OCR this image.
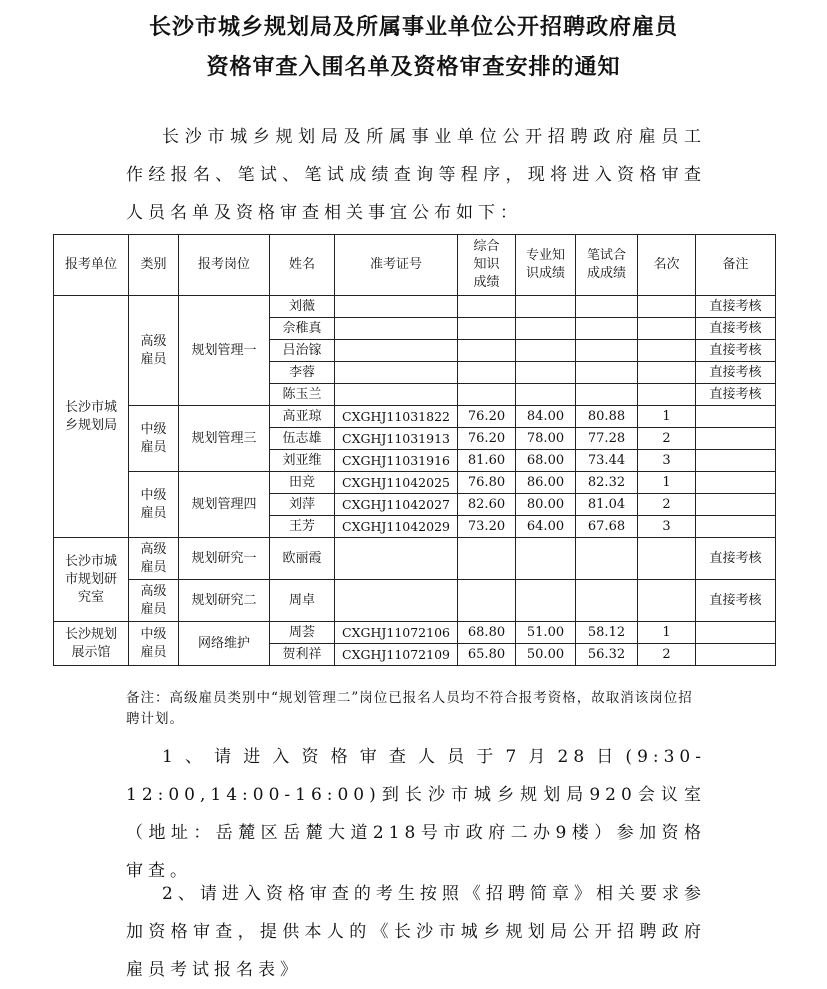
长沙市城乡规划局及所属事业单位公开招聘政府雇员
资格审查入围名单及资格审查安排的通知
长沙市城乡规划局及所属事业单位公开招聘政府雇员工作经报名、笔试、笔试成绩查询等程序，现将进入资格审查人员名单及资格审查相关事宜公布如下：
报考单位	类别	报考岗位	姓名	准考证号	综合知识成绩	专业知识成绩	笔试合成成绩	名次	备注
长沙市城乡规划局	高级雇员	规划管理一	刘薇						直接考核
			佘稚真						直接考核
			吕治镓						直接考核
			李蓉						直接考核
			陈玉兰						直接考核
	中级雇员	规划管理三	高亚琼	CXGHJ11031822	76.20	84.00	80.88	1	
			伍志雄	CXGHJ11031913	76.20	78.00	77.28	2	
			刘亚维	CXGHJ11031916	81.60	68.00	73.44	3	
	中级雇员	规划管理四	田竞	CXGHJ11042025	76.80	86.00	82.32	1	
			刘萍	CXGHJ11042027	82.60	80.00	81.04	2	
			王芳	CXGHJ11042029	73.20	64.00	67.68	3	
长沙市城市规划研究室	高级雇员	规划研究一	欧丽霞						直接考核
	高级雇员	规划研究二	周卓						直接考核
长沙规划展示馆	中级雇员	网络维护	周荟	CXGHJ11072106	68.80	51.00	58.12	1	
			贺利祥	CXGHJ11072109	65.80	50.00	56.32	2	
备注：高级雇员类别中“规划管理二”岗位已报名人员均不符合报考资格，故取消该岗位招聘计划。
1、请进入资格审查人员于7月28日(9:30-12:00,14:00-16:00)到长沙市城乡规划局920会议室（地址：岳麓区岳麓大道218号市政府二办9楼）参加资格审查。
2、请进入资格审查的考生按照《招聘简章》相关要求参加资格审查，提供本人的《长沙市城乡规划局公开招聘政府雇员考试报名表》
